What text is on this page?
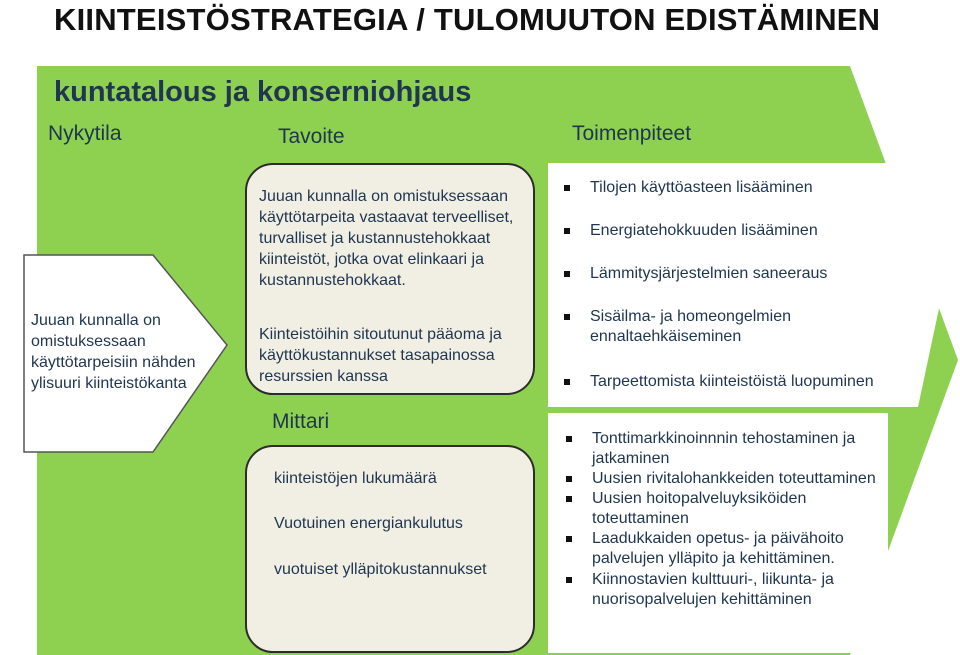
KIINTEISTÖSTRATEGIA / TULOMUUTON EDISTÄMINEN
kuntatalous ja konserniohjaus
Nykytila	Tavoite	Toimenpiteet
Juuan kunnalla on omistuksessaan käyttötarpeisiin nähden ylisuuri kiinteistökanta
Juuan kunnalla on omistuksessaan käyttötarpeita vastaavat terveelliset, turvalliset ja kustannustehokkaat kiinteistöt, jotka ovat elinkaari ja kustannustehokkaat.
Kiinteistöihin sitoutunut pääoma ja käyttökustannukset tasapainossa resurssien kanssa
Mittari
kiinteistöjen lukumäärä
Vuotuinen energiankulutus
vuotuiset ylläpitokustannukset
Tilojen käyttöasteen lisääminen
Energiatehokkuuden lisääminen
Lämmitysjärjestelmien saneeraus
Sisäilma- ja homeongelmien ennaltaehkäiseminen
Tarpeettomista kiinteistöistä luopuminen
Tonttimarkkinoinnnin tehostaminen ja jatkaminen
Uusien rivitalohankkeiden toteuttaminen
Uusien hoitopalveluyksiköiden toteuttaminen
Laadukkaiden opetus- ja päivähoito palvelujen ylläpito ja kehittäminen.
Kiinnostavien kulttuuri-, liikunta- ja nuorisopalvelujen kehittäminen
